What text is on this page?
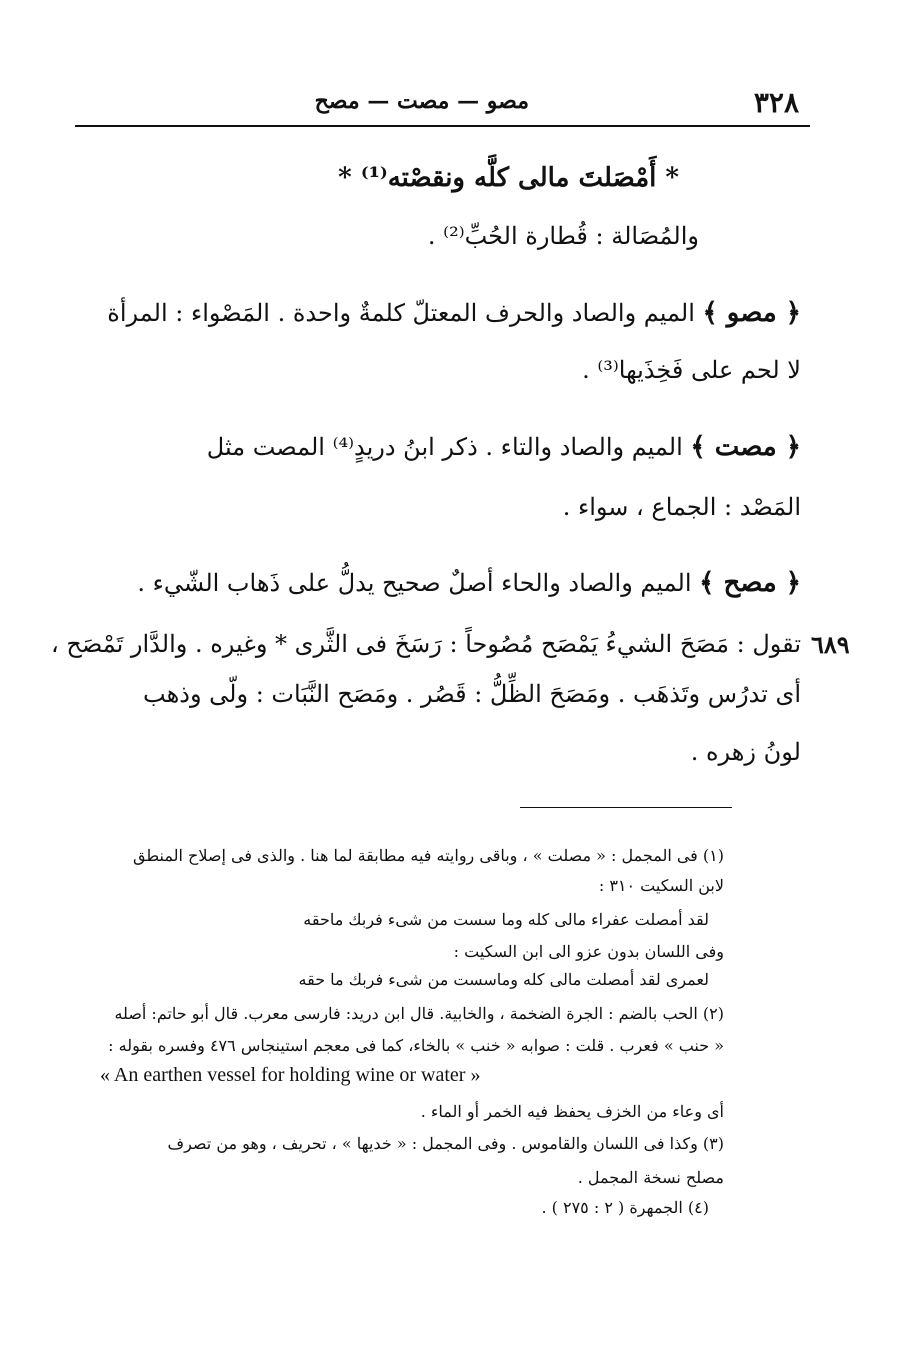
٣٢٨
مصو — مصت — مصح
* أَمْصَلتَ مالى كلَّه ونقصْته⁽¹⁾ *
والمُصَالة : قُطارة الحُبِّ⁽²⁾ .
﴿ مصو ﴾ الميم والصاد والحرف المعتلّ كلمةٌ واحدة . المَصْواء : المرأة
لا لحم على فَخِذَيها⁽³⁾ .
﴿ مصت ﴾ الميم والصاد والتاء . ذكر ابنُ دريدٍ⁽⁴⁾ المصت مثل
المَصْد : الجماع ، سواء .
﴿ مصح ﴾ الميم والصاد والحاء أصلٌ صحيح يدلُّ على ذَهاب الشّيء .
٦٨٩
تقول : مَصَحَ الشيءُ يَمْصَح مُصُوحاً : رَسَخَ فى الثَّرى * وغيره . والدَّار تَمْصَح ،
أى تدرُس وتَذهَب . ومَصَحَ الظِّلُّ : قَصُر . ومَصَح النَّبَات : ولّى وذهب
لونُ زهره .
(١) فى المجمل : « مصلت » ، وباقى روايته فيه مطابقة لما هنا . والذى فى إصلاح المنطق
لابن السكيت ٣١٠ :
لقد أمصلت عفراء مالى كله وما سست من شىء فربك ماحقه
وفى اللسان بدون عزو الى ابن السكيت :
لعمرى لقد أمصلت مالى كله وماسست من شىء فربك ما حقه
(٢) الحب بالضم : الجرة الضخمة ، والخابية. قال ابن دريد: فارسى معرب. قال أبو حاتم: أصله
« حنب » فعرب . قلت : صوابه « خنب » بالخاء، كما فى معجم استينجاس ٤٧٦ وفسره بقوله :
« An earthen vessel for holding wine or water »
أى وعاء من الخزف يحفظ فيه الخمر أو الماء .
(٣) وكذا فى اللسان والقاموس . وفى المجمل : « خديها » ، تحريف ، وهو من تصرف
مصلح نسخة المجمل .
(٤) الجمهرة ( ٢ : ٢٧٥ ) .
